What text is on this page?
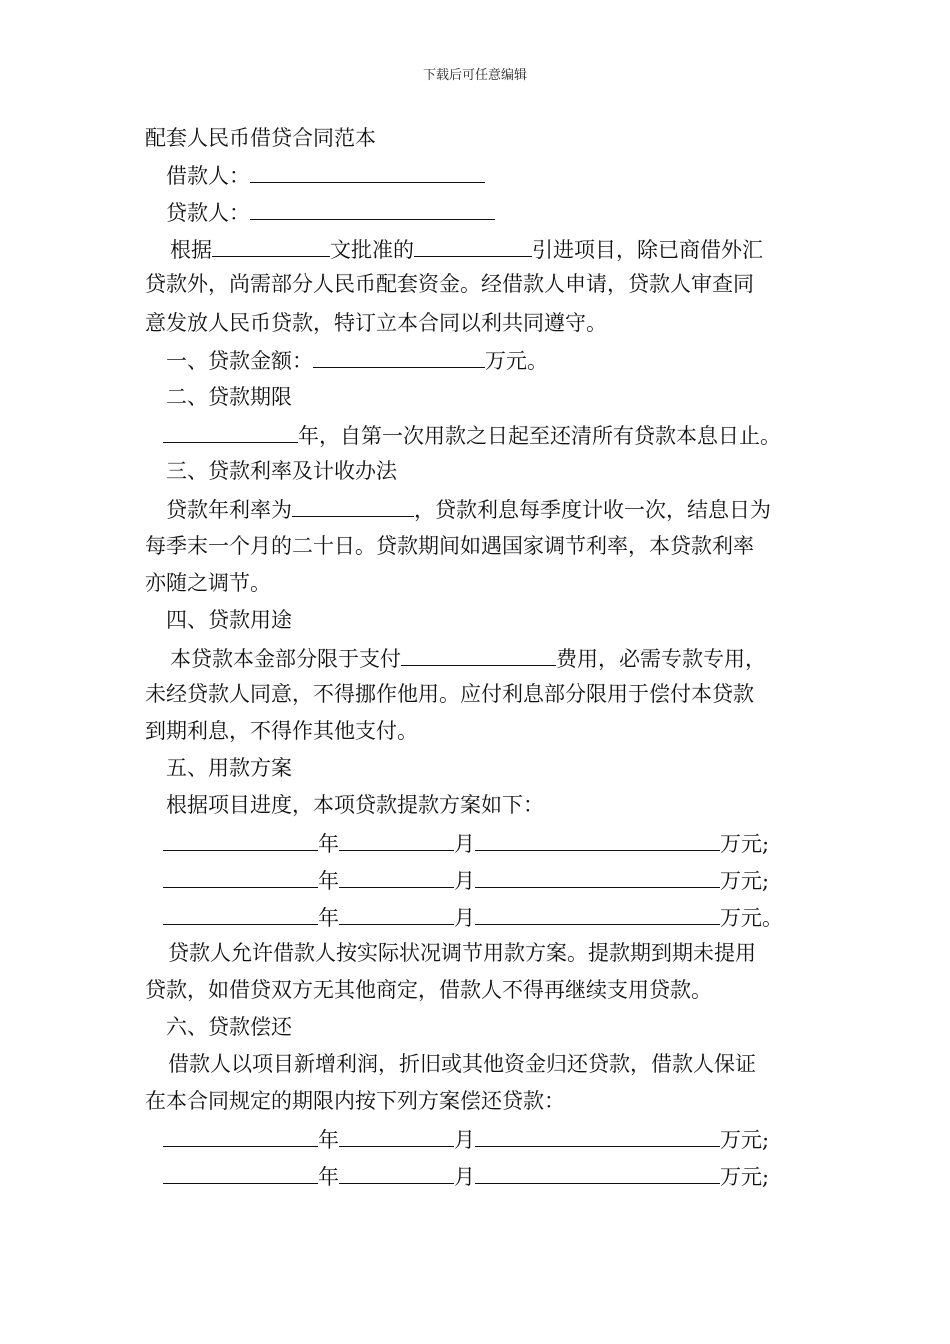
下载后可任意编辑
配套人民币借贷合同范本
借款人：
贷款人：
根据	文批准的	引进项目，除已商借外汇
贷款外，尚需部分人民币配套资金。经借款人申请，贷款人审查同
意发放人民币贷款，特订立本合同以利共同遵守。
一、贷款金额：	万元。
二、贷款期限
年，自第一次用款之日起至还清所有贷款本息日止。
三、贷款利率及计收办法
贷款年利率为	，贷款利息每季度计收一次，结息日为
每季末一个月的二十日。贷款期间如遇国家调节利率，本贷款利率
亦随之调节。
四、贷款用途
本贷款本金部分限于支付	费用，必需专款专用，
未经贷款人同意，不得挪作他用。应付利息部分限用于偿付本贷款
到期利息，不得作其他支付。
五、用款方案
根据项目进度，本项贷款提款方案如下：
年	月	万元;
年	月	万元;
年	月	万元。
贷款人允许借款人按实际状况调节用款方案。提款期到期未提用
贷款，如借贷双方无其他商定，借款人不得再继续支用贷款。
六、贷款偿还
借款人以项目新增利润，折旧或其他资金归还贷款，借款人保证
在本合同规定的期限内按下列方案偿还贷款：
年	月	万元;
年	月	万元;
